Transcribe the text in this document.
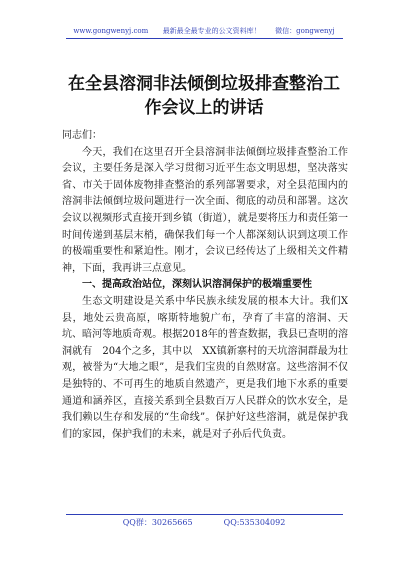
www.gongwenyj.com 最新最全最专业的公文资料库！ 微信：gongwenyj
在全县溶洞非法倾倒垃圾排查整治工作会议上的讲话

同志们：

今天，我们在这里召开全县溶洞非法倾倒垃圾排查整治工作会议，主要任务是深入学习贯彻习近平生态文明思想，坚决落实省、市关于固体废物排查整治的系列部署要求，对全县范围内的溶洞非法倾倒垃圾问题进行一次全面、彻底的动员和部署。这次会议以视频形式直接开到乡镇（街道），就是要将压力和责任第一时间传递到基层末梢，确保我们每一个人都深刻认识到这项工作的极端重要性和紧迫性。刚才，会议已经传达了上级相关文件精神，下面，我再讲三点意见。

一、提高政治站位，深刻认识溶洞保护的极端重要性

生态文明建设是关系中华民族永续发展的根本大计。我们X县，地处云贵高原，喀斯特地貌广布，孕育了丰富的溶洞、天坑、暗河等地质奇观。根据2018年的普查数据，我县已查明的溶洞就有　204个之多，其中以　XX镇新寨村的天坑溶洞群最为壮观，被誉为“大地之眼”，是我们宝贵的自然财富。这些溶洞不仅是独特的、不可再生的地质自然遗产，更是我们地下水系的重要通道和涵养区，直接关系到全县数百万人民群众的饮水安全，是我们赖以生存和发展的“生命线”。保护好这些溶洞，就是保护我们的家园，保护我们的未来，就是对子孙后代负责。

QQ群：30265665	QQ:535304092
